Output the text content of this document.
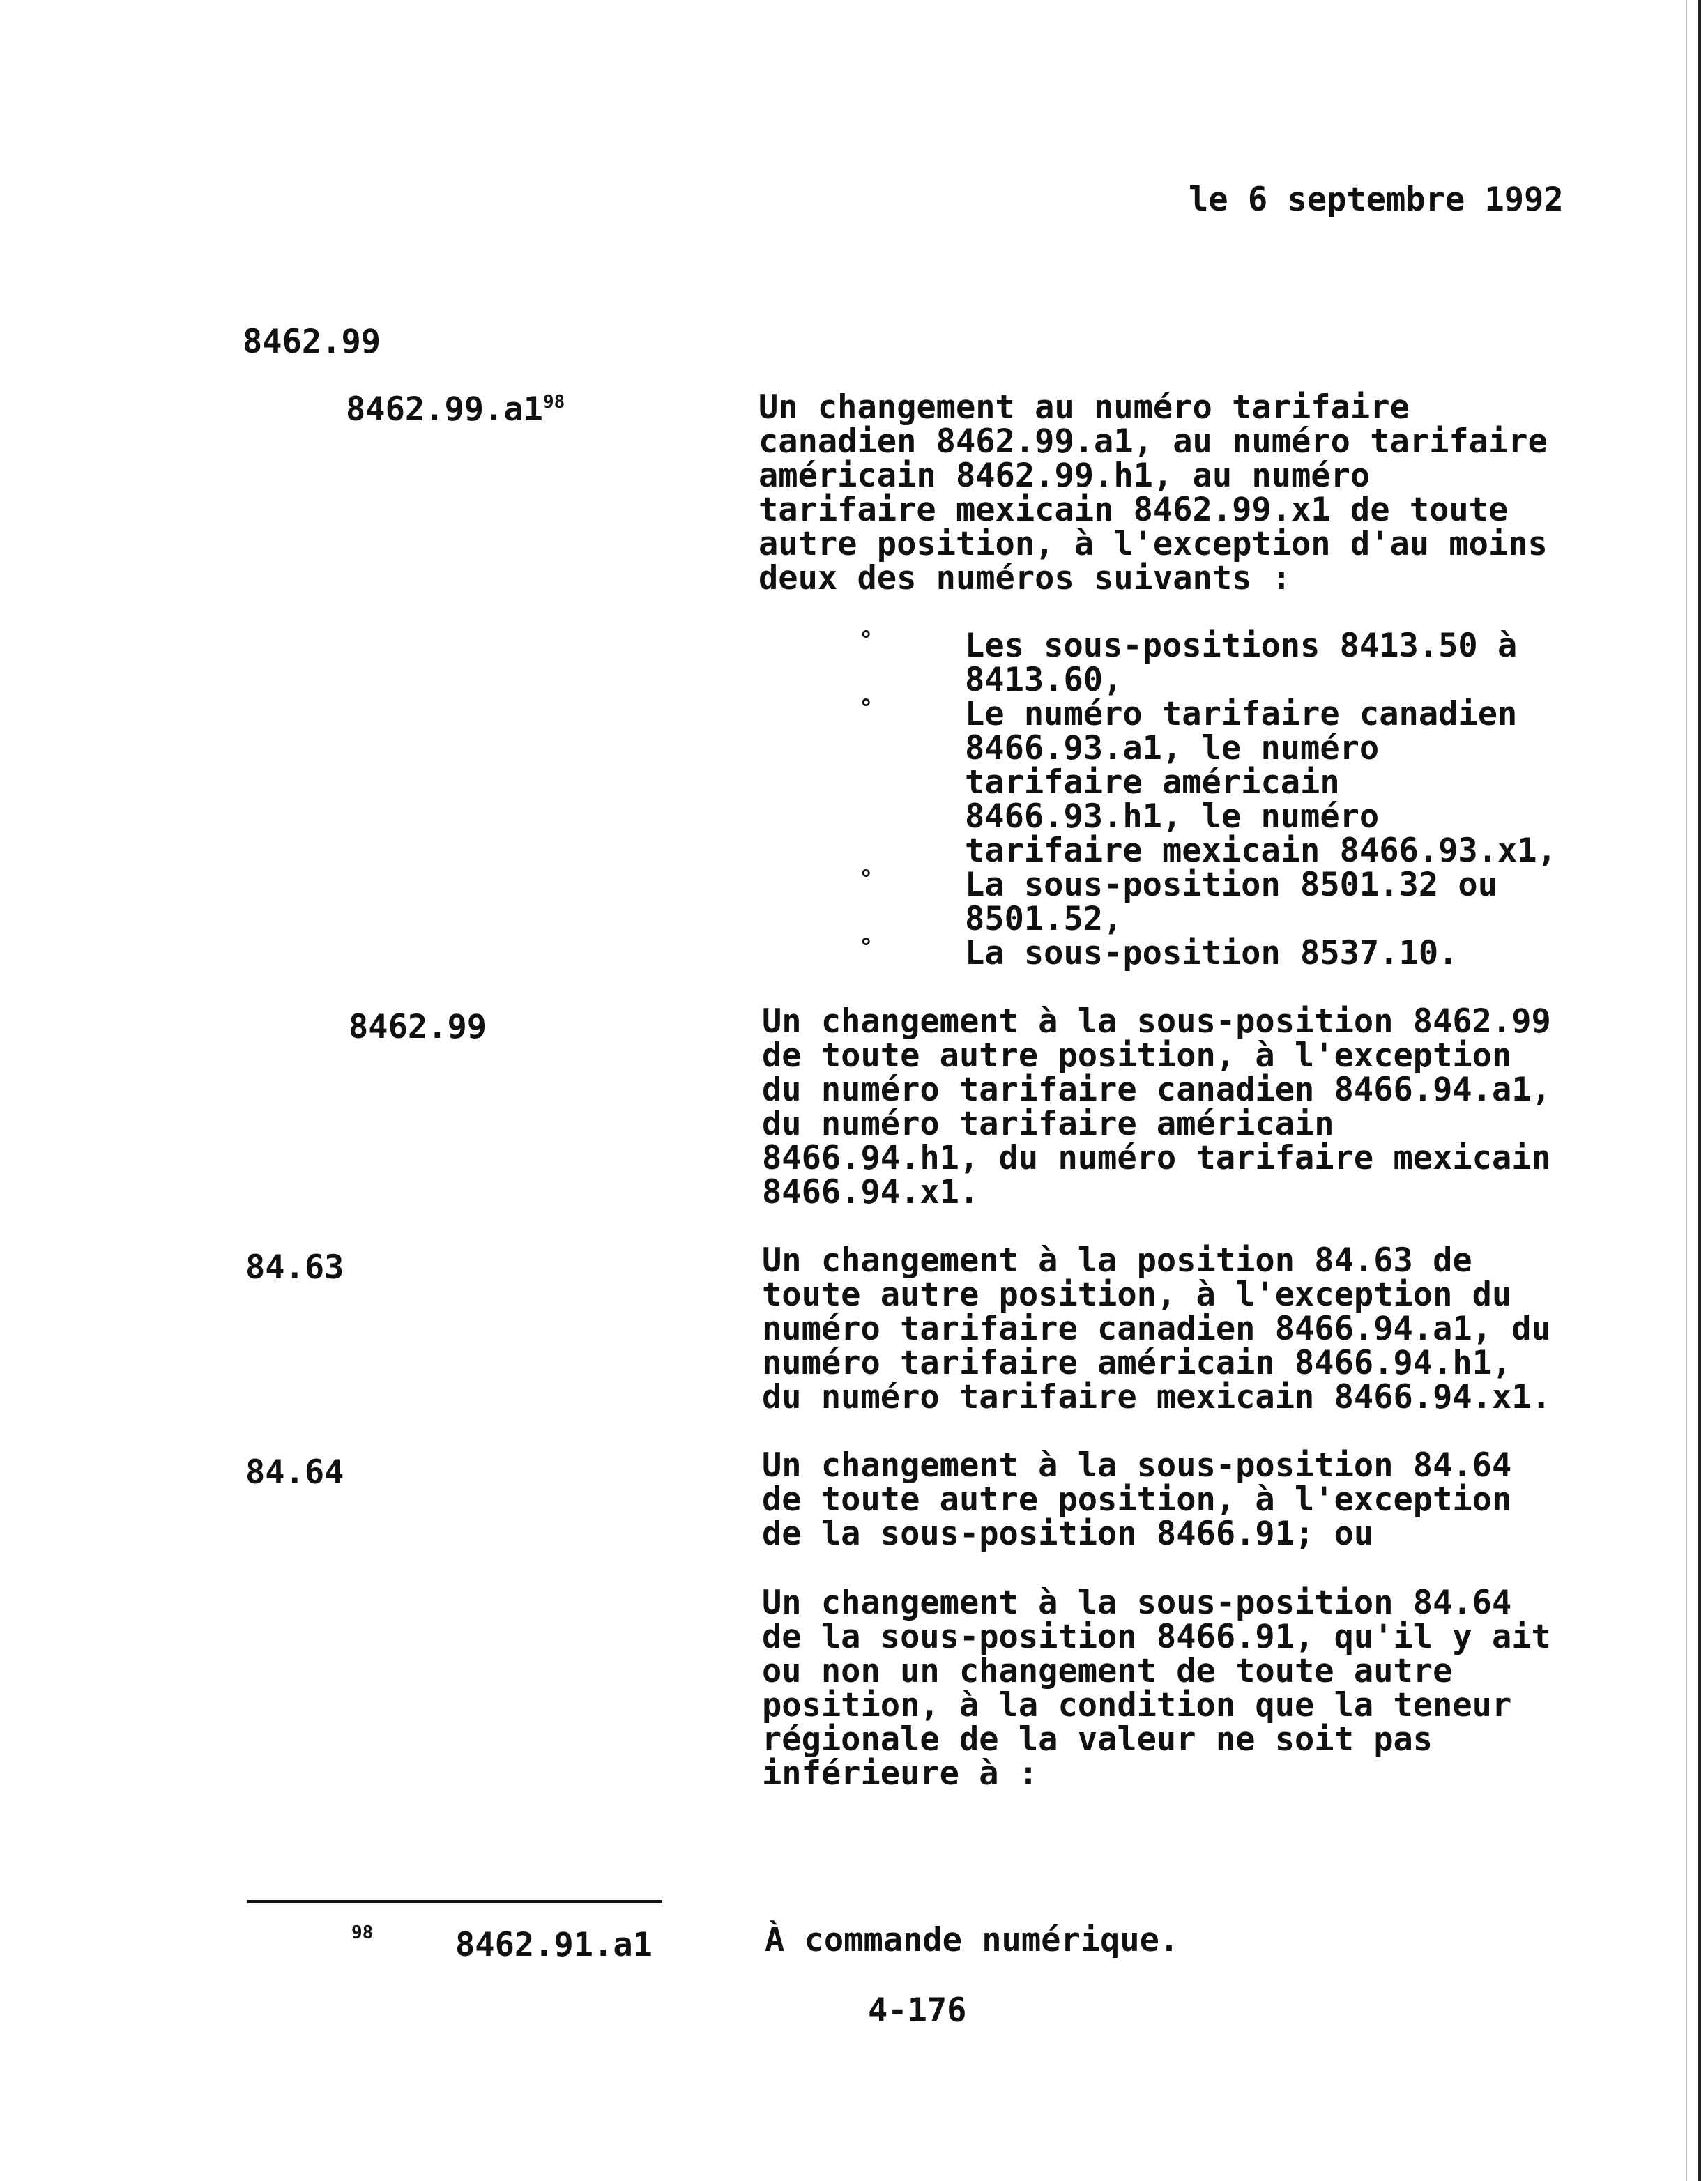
le 6 septembre 1992
8462.99
$8462.99.a1^{98}$	Un changement au numéro tarifaire
canadien 8462.99.a1, au numéro tarifaire
américain 8462.99.h1, au numéro
tarifaire mexicain 8462.99.x1 de toute
autre position, à l'exception d'au moins
deux des numéros suivants :
°	Les sous-positions 8413.50 à
8413.60,
°	Le numéro tarifaire canadien
8466.93.a1, le numéro
tarifaire américain
8466.93.h1, le numéro
tarifaire mexicain 8466.93.x1,
°	La sous-position 8501.32 ou
8501.52,
°	La sous-position 8537.10.
8462.99	Un changement à la sous-position 8462.99
de toute autre position, à l'exception
du numéro tarifaire canadien 8466.94.a1,
du numéro tarifaire américain
8466.94.h1, du numéro tarifaire mexicain
8466.94.x1.
84.63	Un changement à la position 84.63 de
toute autre position, à l'exception du
numéro tarifaire canadien 8466.94.a1, du
numéro tarifaire américain 8466.94.h1,
du numéro tarifaire mexicain 8466.94.x1.
84.64	Un changement à la sous-position 84.64
de toute autre position, à l'exception
de la sous-position 8466.91; ou
Un changement à la sous-position 84.64
de la sous-position 8466.91, qu'il y ait
ou non un changement de toute autre
position, à la condition que la teneur
régionale de la valeur ne soit pas
inférieure à :
98	8462.91.a1	À commande numérique.
4-176
